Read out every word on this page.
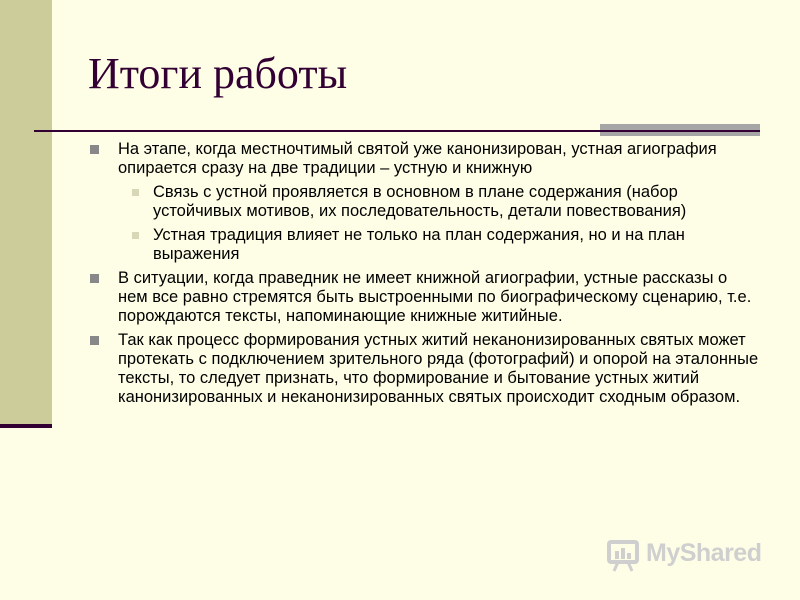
Итоги работы
На этапе, когда местночтимый святой уже канонизирован, устная агиография опирается сразу на две традиции – устную и книжную
Связь с устной проявляется в основном в плане содержания (набор устойчивых мотивов, их последовательность, детали повествования)
Устная традиция влияет не только на план содержания, но и на план выражения
В ситуации, когда праведник не имеет книжной агиографии, устные рассказы о нем все равно стремятся быть выстроенными по биографическому сценарию, т.е. порождаются тексты, напоминающие книжные житийные.
Так как процесс формирования устных житий неканонизированных святых может протекать с подключением зрительного ряда (фотографий) и опорой на эталонные тексты, то следует признать, что формирование и бытование устных житий канонизированных и неканонизированных святых происходит сходным образом.
MyShared
